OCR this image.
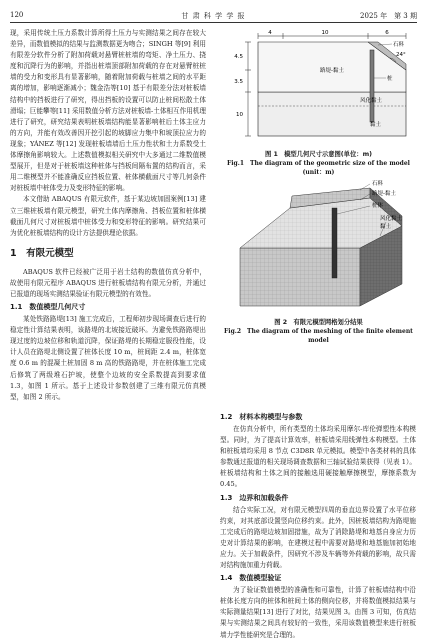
120	甘 肃 科 学 学 报	2025 年　第 3 期

现，采用传统土压力系数计算所得土压力与实测结果之间存在较大差异，而数值模拟的结果与监测数据更为吻合；SINGH 等[9] 利用有限差分软件分析了附加荷载对悬臂桩桩墙的弯矩、净土压力、挠度和沉降行为的影响，并指出桩墙顶部附加荷载的存在对悬臂桩桩墙的受力和变形具有显著影响，随着附加荷载与桩墙之间的水平距离的增加，影响逐渐减小；魏金浩等[10] 基于有限差分法对桩板墙结构中的挡板进行了研究，得出挡板的设置可以防止桩间松散土体滑塌；巨能攀等[11] 采用数值分析方法对桩板墙-土体相互作用机理进行了研究，研究结果表明桩板墙结构能显著影响桩后土体主应力的方向，并能有效改善因开挖引起的坡脚应力集中和坡顶拉应力的现象；YÁNEZ 等[12] 发现桩板墙墙后土压力性状和土力系数受土体摩擦角影响较大。上述数值模拟相关研究中大多通过二维数值模型展开，但是对于桩板墙这种桩体与挡板间隔布置的结构而言，采用二维模型并不能准确反应挡板位置、桩体横截面尺寸等几何条件对桩板墙中桩体受力及变形特征的影响。

本文借助 ABAQUS 有限元软件，基于某边坡加固案例[13] 建立三维桩板墙有限元模型，研究土体内摩擦角、挡板位置和桩体横截面几何尺寸对桩板墙中桩体受力和变形特征的影响。研究结果可为优化桩板墙结构的设计方法提供理论依据。

1　 有限元模型

ABAQUS 软件已经被广泛用于岩土结构的数值仿真分析中，故使用有限元程序 ABAQUS 进行桩板墙结构有限元分析，并通过已报道的现场实测结果验证有限元模型的有效性。

1.1　数值模型几何尺寸

某处铁路路堤[13] 施工完成后，工程师初步现场调查后进行的稳定性计算结果表明，该路堤的北坡接近破坏。为避免铁路路堤出现过度的边坡位移和轨道沉降，保证路堤的长期稳定服役性能，设计人员在路堤北侧设置了桩体长度 10 m，桩间距 2.4 m，桩体宽度 0.6 m 的混凝土桩加固 8 m 高的铁路路堤，并在桩体施工完成后修筑了两级堆石护坡，使整个边坡的安全系数提高到要求值 1.3，如图 1 所示。基于上述设计参数创建了三维有限元仿真模型，如图 2 所示。

4	10	6
4.5
3.5
10
24°
石料
路堤-黏土
桩
风化黏土
黏土
图 1　模型几何尺寸示意图(单位：m)
Fig.1　The diagram of the geometric size of the model (unit：m)
石料
路堤-黏土
桩体
风化黏土
黏土
图 2　有限元模型网格划分结果
Fig.2　The diagram of the meshing of the finite element model
1.2　材料本构模型与参数

在仿真分析中，所有类型的土体均采用摩尔-库伦弹塑性本构模型。同时，为了提高计算效率，桩板墙采用线弹性本构模型。土体和桩板墙均采用 8 节点 C3D8R 单元模拟。模型中各类材料的具体参数通过报道的相关现场调查数据和三轴试验结果获得（见表 1）。桩板墙结构和土体之间的接触选用硬接触摩擦模型，摩擦系数为 0.45。

1.3　边界和加载条件

结合实际工况，对有限元模型四周的垂直边界设置了水平位移约束，对其底部设置竖向位移约束。此外，因桩板墙结构为路堤施工完成后的路堤边坡加固措施，故为了消除路堤和地基自身应力历史对计算结果的影响，在建模过程中需要对路堤和地基施加初始地应力。关于加载条件，因研究不涉及车辆等外荷载的影响，故只需对结构施加重力荷载。

1.4　数值模型验证

为了验证数值模型的准确性和可靠性，计算了桩板墙结构中沿桩体长度方向的桩体和桩间土体的侧向位移，并将数值模拟结果与实际测量结果[13] 进行了对比，结果见图 3。由图 3 可知，仿真结果与实测结果之间具有较好的一致性，采用该数值模型来进行桩板墙力学性能研究是合理的。
